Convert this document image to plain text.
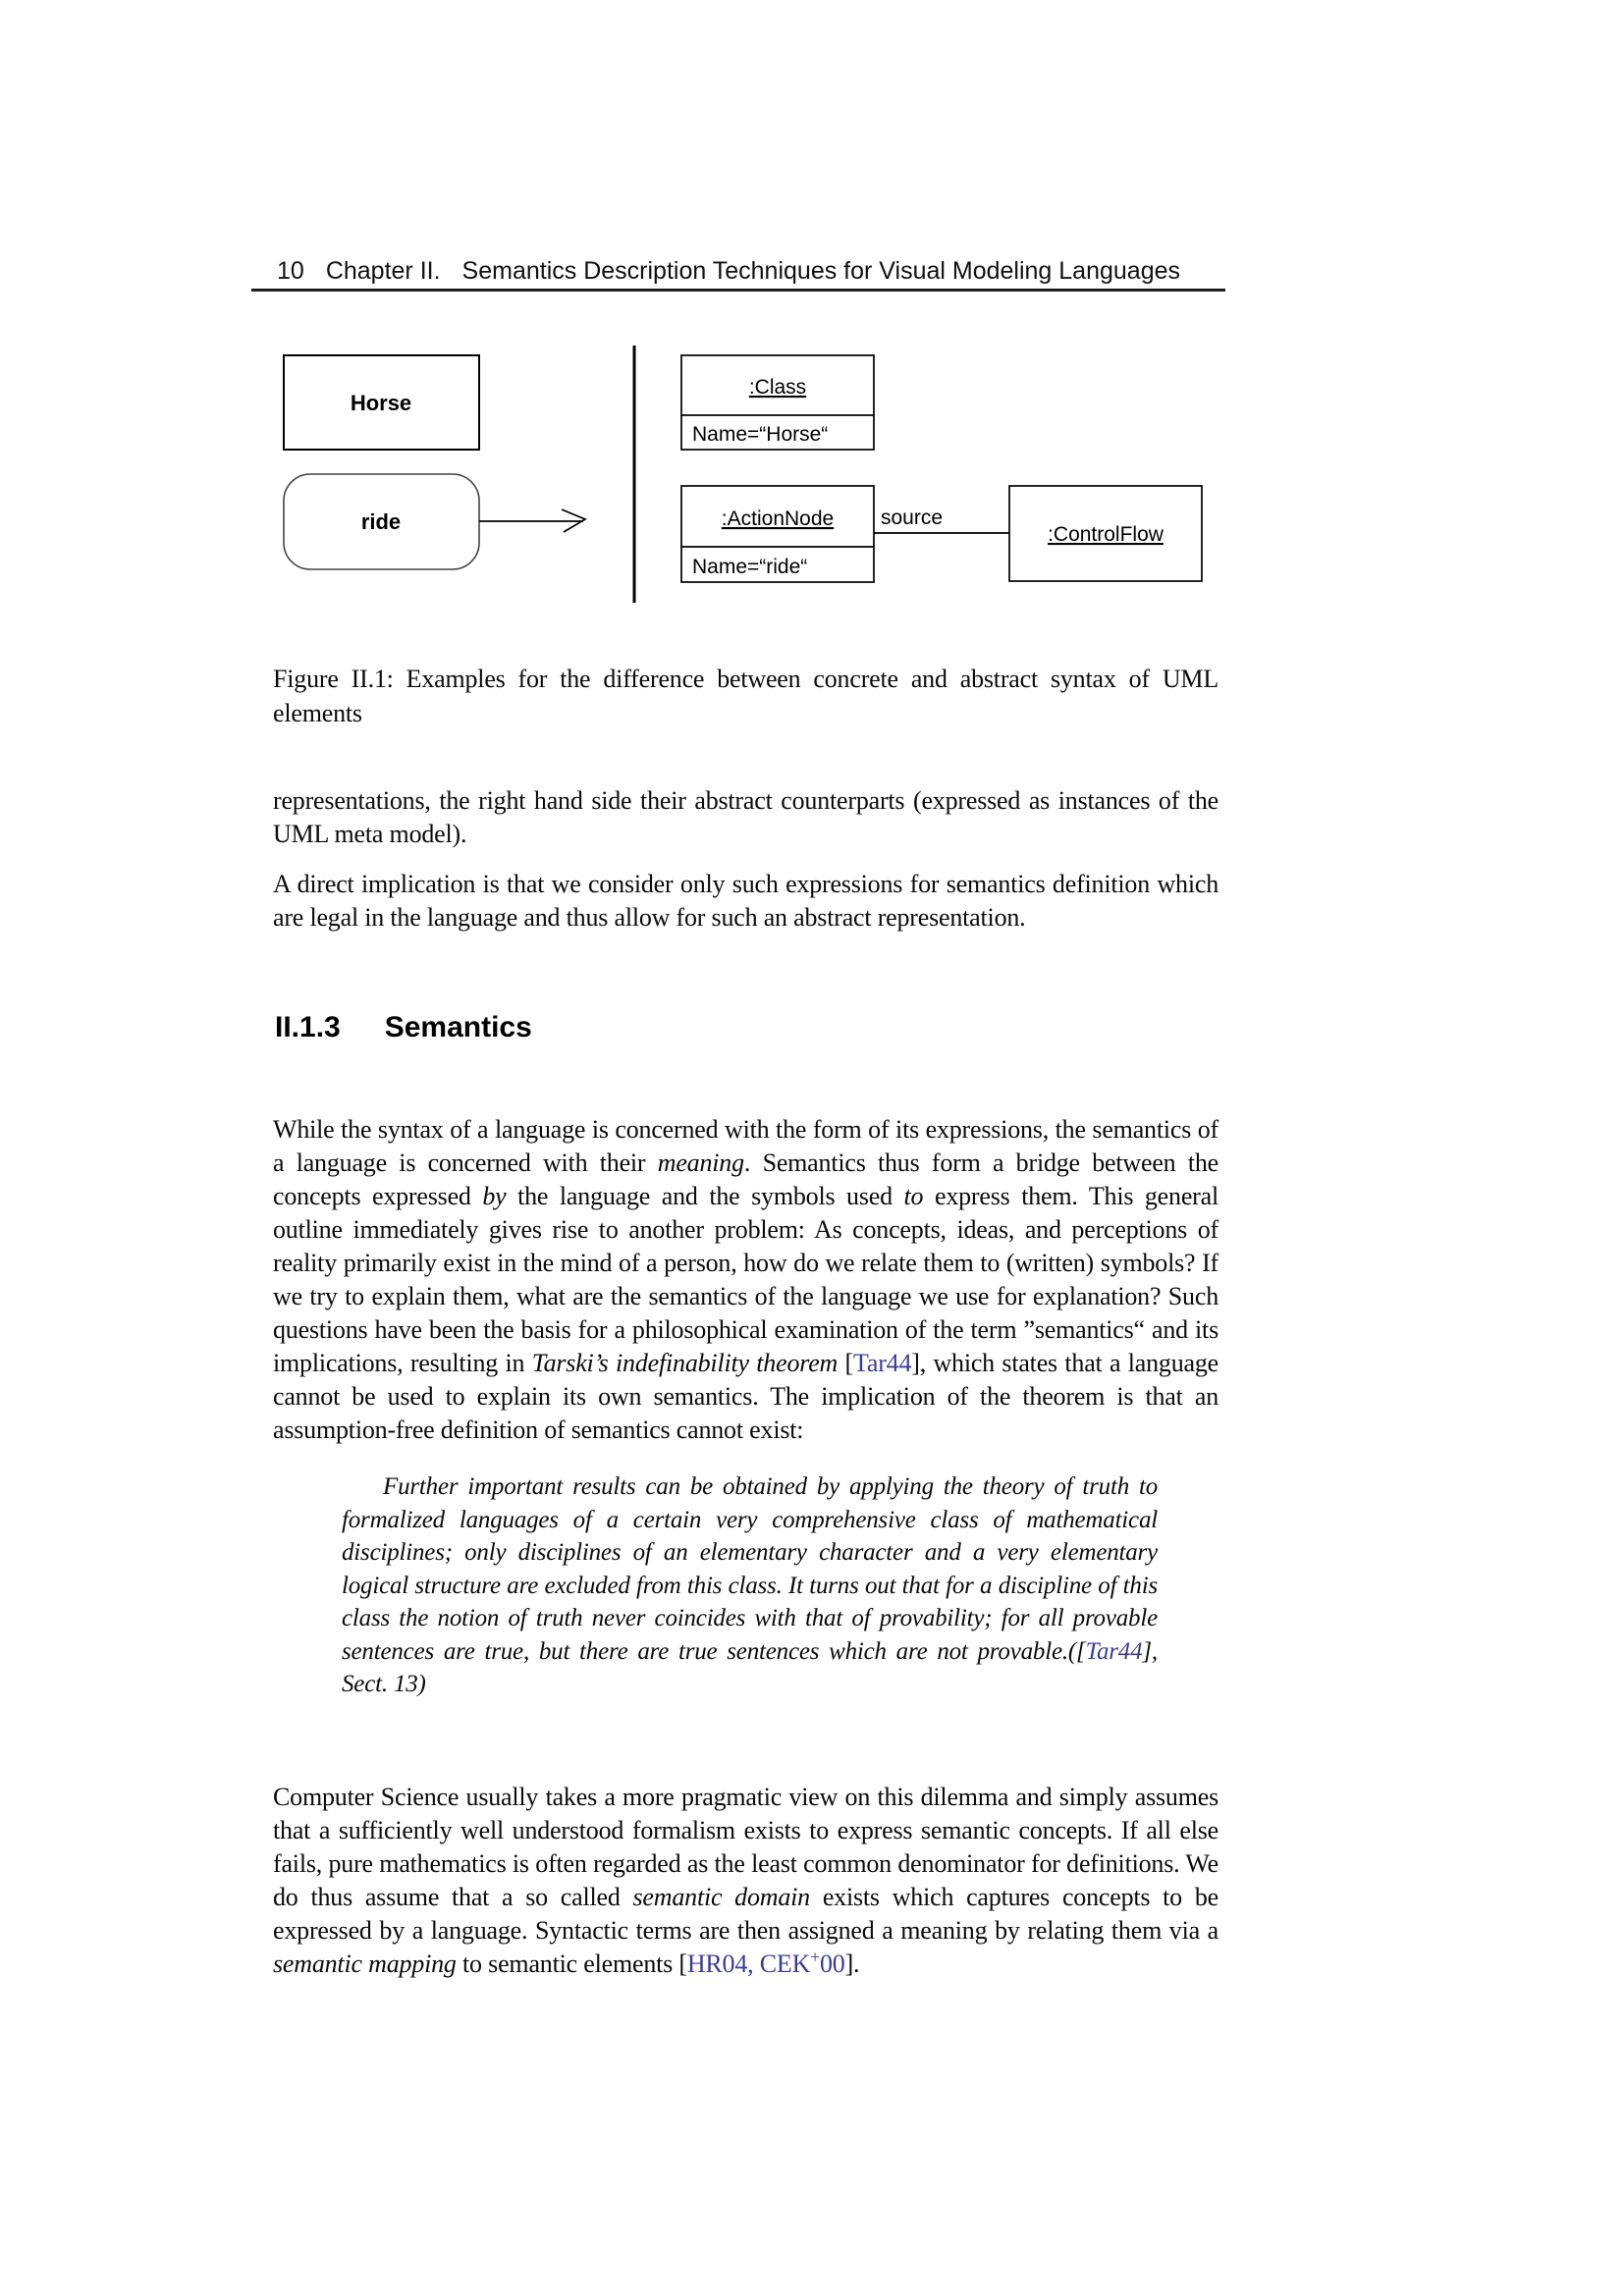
10 Chapter II. Semantics Description Techniques for Visual Modeling Languages
Horse
ride
:Class
Name=“Horse“
:ActionNode
Name=“ride“
source
:ControlFlow

Figure II.1: Examples for the difference between concrete and abstract syntax of UML elements

representations, the right hand side their abstract counterparts (expressed as instances of the UML meta model).

A direct implication is that we consider only such expressions for semantics definition which are legal in the language and thus allow for such an abstract representation.

II.1.3 Semantics

While the syntax of a language is concerned with the form of its expressions, the semantics of a language is concerned with their meaning. Semantics thus form a bridge between the concepts expressed by the language and the symbols used to express them. This general outline immediately gives rise to another problem: As concepts, ideas, and perceptions of reality primarily exist in the mind of a person, how do we relate them to (written) symbols? If we try to explain them, what are the semantics of the language we use for explanation? Such questions have been the basis for a philosophical examination of the term ”semantics“ and its implications, resulting in Tarski’s indefinability theorem [Tar44], which states that a language cannot be used to explain its own semantics. The implication of the theorem is that an assumption-free definition of semantics cannot exist:

Further important results can be obtained by applying the theory of truth to formalized languages of a certain very comprehensive class of mathematical disciplines; only disciplines of an elementary character and a very elementary logical structure are excluded from this class. It turns out that for a discipline of this class the notion of truth never coincides with that of provability; for all provable sentences are true, but there are true sentences which are not provable.([Tar44], Sect. 13)

Computer Science usually takes a more pragmatic view on this dilemma and simply assumes that a sufficiently well understood formalism exists to express semantic concepts. If all else fails, pure mathematics is often regarded as the least common denominator for definitions. We do thus assume that a so called semantic domain exists which captures concepts to be expressed by a language. Syntactic terms are then assigned a meaning by relating them via a semantic mapping to semantic elements [HR04, CEK+00].
